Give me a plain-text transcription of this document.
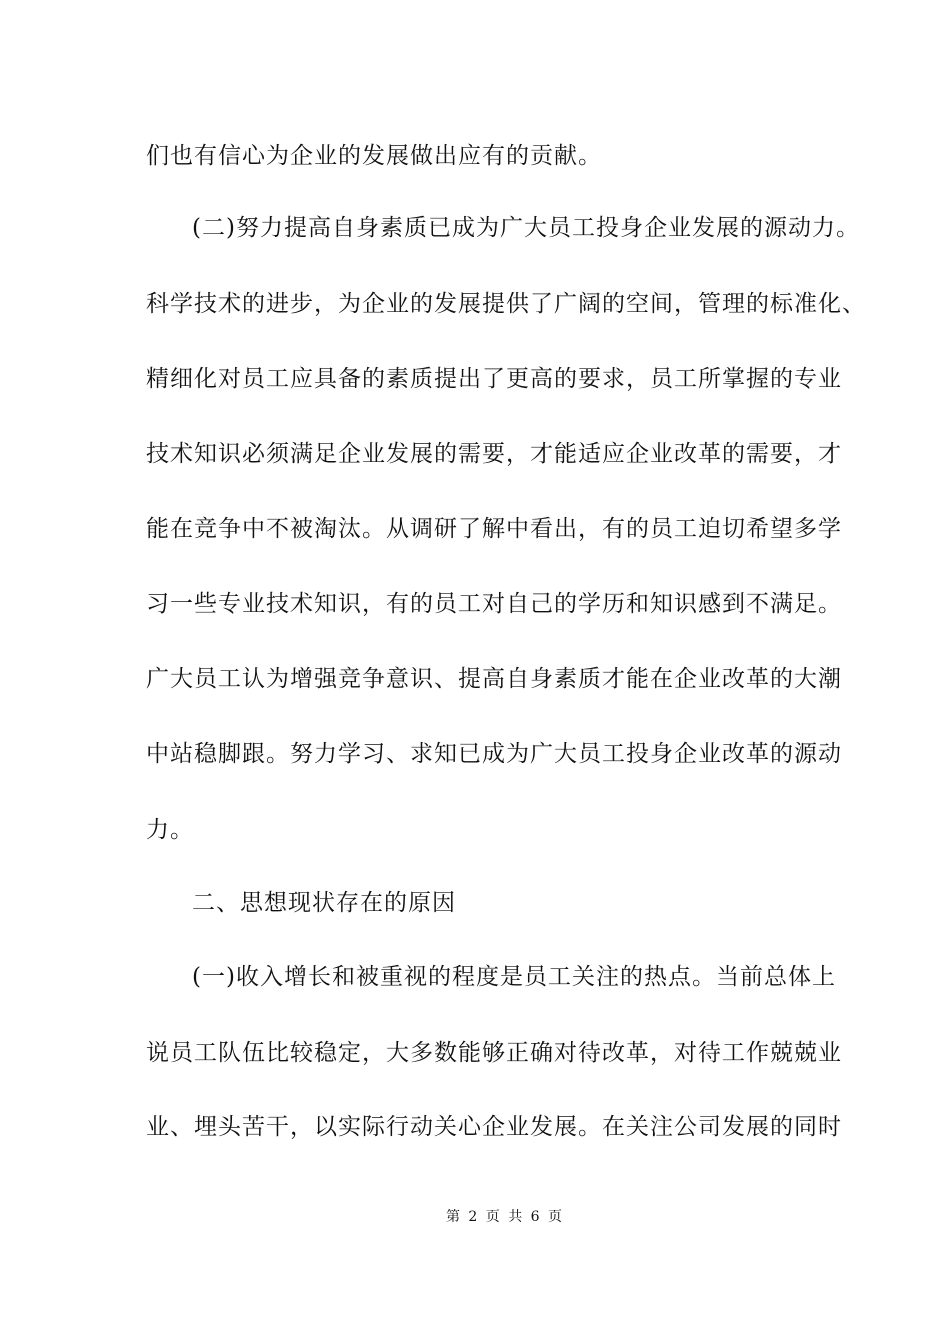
们也有信心为企业的发展做出应有的贡献。
(二)努力提高自身素质已成为广大员工投身企业发展的源动力。
科学技术的进步，为企业的发展提供了广阔的空间，管理的标准化、
精细化对员工应具备的素质提出了更高的要求，员工所掌握的专业
技术知识必须满足企业发展的需要，才能适应企业改革的需要，才
能在竞争中不被淘汰。从调研了解中看出，有的员工迫切希望多学
习一些专业技术知识，有的员工对自己的学历和知识感到不满足。
广大员工认为增强竞争意识、提高自身素质才能在企业改革的大潮
中站稳脚跟。努力学习、求知已成为广大员工投身企业改革的源动
力。
二、思想现状存在的原因
(一)收入增长和被重视的程度是员工关注的热点。当前总体上
说员工队伍比较稳定，大多数能够正确对待改革，对待工作兢兢业
业、埋头苦干，以实际行动关心企业发展。在关注公司发展的同时
第 2 页 共 6 页
